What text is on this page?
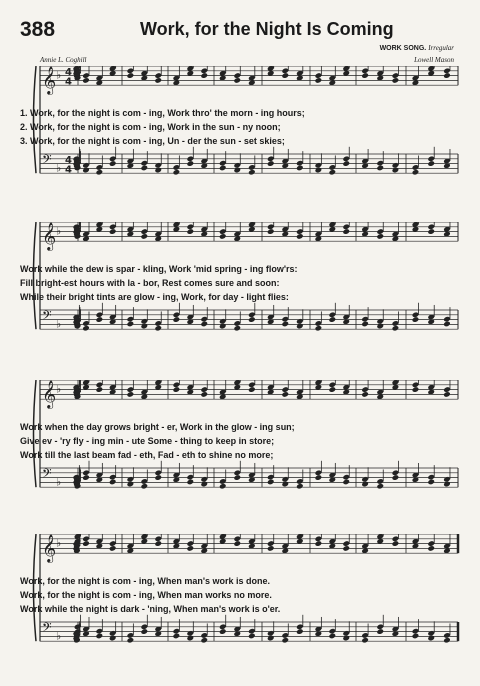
388	Work, for the Night Is Coming
Annie L. Coghill
WORK SONG. Irregular
Lowell Mason
𝄞 ♭ 4
4
𝄢 ♭
4
4
1. Work, for the night is com - ing, Work thro' the morn - ing hours;
2. Work, for the night is com - ing, Work in the sun - ny noon;
3. Work, for the night is com - ing, Un - der the sun - set skies;
𝄞 ♭
𝄢 ♭
Work while the dew is spar - kling, Work 'mid spring - ing flow'rs:
Fill bright-est hours with la - bor, Rest comes sure and soon:
While their bright tints are glow - ing, Work, for day - light flies:
𝄞 ♭
𝄢 ♭
Work when the day grows bright - er, Work in the glow - ing sun;
Give ev - 'ry fly - ing min - ute Some - thing to keep in store;
Work till the last beam fad - eth, Fad - eth to shine no more;
𝄞 ♭
𝄢 ♭
Work, for the night is com - ing, When man's work is done.
Work, for the night is com - ing, When man works no more.
Work while the night is dark - 'ning, When man's work is o'er.
